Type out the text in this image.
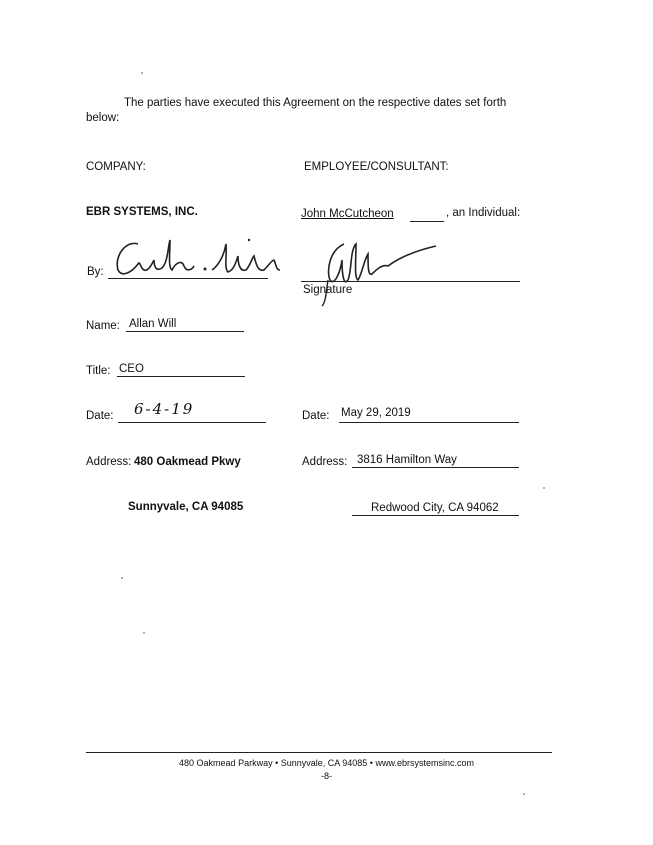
The parties have executed this Agreement on the respective dates set forth
below:
COMPANY:	EMPLOYEE/CONSULTANT:
EBR SYSTEMS, INC.	John McCutcheon	, an Individual:
By:
Signature
Name: Allan Will
Title: CEO
Date: 6-4-19	Date: May 29, 2019
Address: 480 Oakmead Pkwy	Address: 3816 Hamilton Way
Sunnyvale, CA 94085	Redwood City, CA 94062
480 Oakmead Parkway • Sunnyvale, CA 94085 • www.ebrsystemsinc.com
-8-
